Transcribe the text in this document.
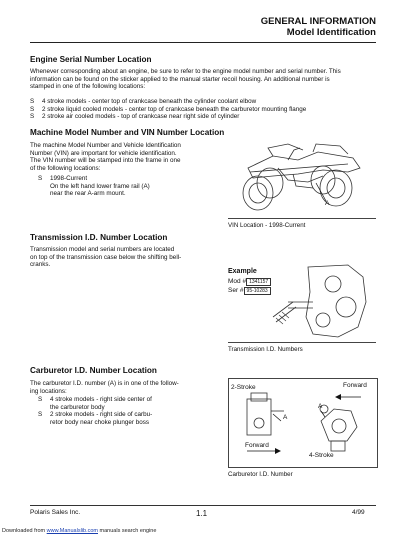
GENERAL INFORMATION
Model Identification
Engine Serial Number Location
Whenever corresponding about an engine, be sure to refer to the engine model number and serial number. This
information can be found on the sticker applied to the manual starter recoil housing. An additional number is
stamped in one of the following locations:
S 4 stroke models - center top of crankcase beneath the cylinder coolant elbow
S 2 stroke liquid cooled models - center top of crankcase beneath the carburetor mounting flange
S 2 stroke air cooled models - top of crankcase near right side of cylinder
Machine Model Number and VIN Number Location
The machine Model Number and Vehicle Identification
Number (VIN) are important for vehicle identification.
The VIN number will be stamped into the frame in one
of the following locations:
S 1998-Current
On the left hand lower frame rail (A)
near the rear A-arm mount.
A
VIN Location - 1998-Current
Transmission I.D. Number Location
Transmission model and serial numbers are located
on top of the transmission case below the shifting bell-
cranks.
Example
Mod # 1341157
Ser # 95-10283
Transmission I.D. Numbers
Carburetor I.D. Number Location
The carburetor I.D. number (A) is in one of the follow-
ing locations:
S 4 stroke models - right side center of
the carburetor body
S 2 stroke models - right side of carbu-
retor body near choke plunger boss
2-Stroke	Forward
A
A
Forward
4-Stroke
Carburetor I.D. Number
Polaris Sales Inc.	1.1	4/99
Downloaded from www.Manualslib.com manuals search engine
